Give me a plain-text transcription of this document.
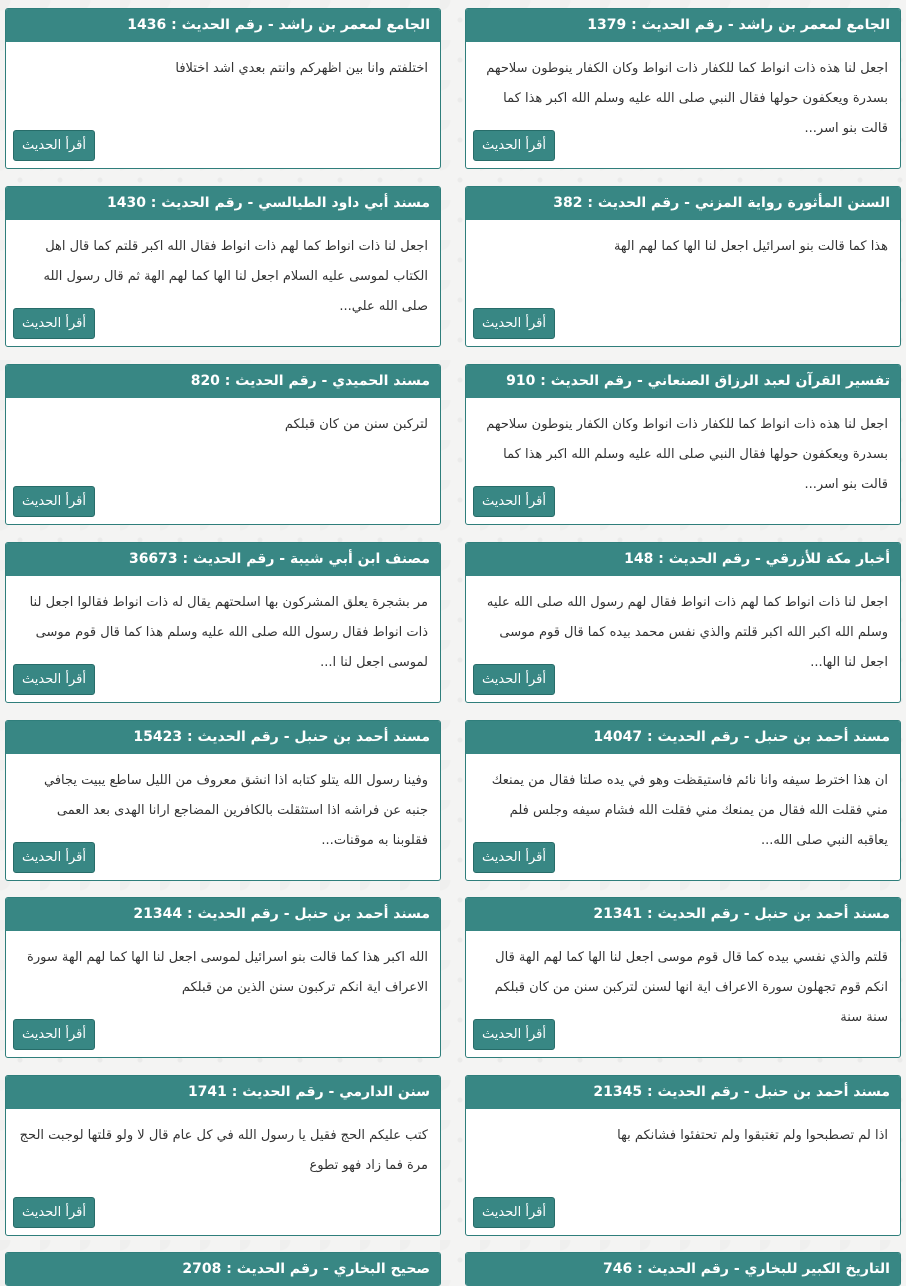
الجامع لمعمر بن راشد - رقم الحديث : 1379
اجعل لنا هذه ذات انواط كما للكفار ذات انواط وكان الكفار ينوطون سلاحهم بسدرة ويعكفون حولها فقال النبي صلى الله عليه وسلم الله اكبر هذا كما قالت بنو اسر...
أقرأ الحديث
الجامع لمعمر بن راشد - رقم الحديث : 1436
اختلفتم وانا بين اظهركم وانتم بعدي اشد اختلافا
أقرأ الحديث
السنن المأثورة رواية المزني - رقم الحديث : 382
هذا كما قالت بنو اسرائيل اجعل لنا الها كما لهم الهة
أقرأ الحديث
مسند أبي داود الطيالسي - رقم الحديث : 1430
اجعل لنا ذات انواط كما لهم ذات انواط فقال الله اكبر قلتم كما قال اهل الكتاب لموسى عليه السلام اجعل لنا الها كما لهم الهة ثم قال رسول الله صلى الله علي...
أقرأ الحديث
تفسير القرآن لعبد الرزاق الصنعاني - رقم الحديث : 910
اجعل لنا هذه ذات انواط كما للكفار ذات انواط وكان الكفار ينوطون سلاحهم بسدرة ويعكفون حولها فقال النبي صلى الله عليه وسلم الله اكبر هذا كما قالت بنو اسر...
أقرأ الحديث
مسند الحميدي - رقم الحديث : 820
لتركبن سنن من كان قبلكم
أقرأ الحديث
أخبار مكة للأزرقي - رقم الحديث : 148
اجعل لنا ذات انواط كما لهم ذات انواط فقال لهم رسول الله صلى الله عليه وسلم الله اكبر الله اكبر قلتم والذي نفس محمد بيده كما قال قوم موسى اجعل لنا الها...
أقرأ الحديث
مصنف ابن أبي شيبة - رقم الحديث : 36673
مر بشجرة يعلق المشركون بها اسلحتهم يقال له ذات انواط فقالوا اجعل لنا ذات انواط فقال رسول الله صلى الله عليه وسلم هذا كما قال قوم موسى لموسى اجعل لنا ا...
أقرأ الحديث
مسند أحمد بن حنبل - رقم الحديث : 14047
ان هذا اخترط سيفه وانا نائم فاستيقظت وهو في يده صلتا فقال من يمنعك مني فقلت الله فقال من يمنعك مني فقلت الله فشام سيفه وجلس فلم يعاقبه النبي صلى الله...
أقرأ الحديث
مسند أحمد بن حنبل - رقم الحديث : 15423
وفينا رسول الله يتلو كتابه اذا انشق معروف من الليل ساطع يبيت يجافي جنبه عن فراشه اذا استثقلت بالكافرين المضاجع ارانا الهدى بعد العمى فقلوبنا به موقنات...
أقرأ الحديث
مسند أحمد بن حنبل - رقم الحديث : 21341
قلتم والذي نفسي بيده كما قال قوم موسى اجعل لنا الها كما لهم الهة قال انكم قوم تجهلون سورة الاعراف اية انها لسنن لتركبن سنن من كان قبلكم سنة سنة
أقرأ الحديث
مسند أحمد بن حنبل - رقم الحديث : 21344
الله اكبر هذا كما قالت بنو اسرائيل لموسى اجعل لنا الها كما لهم الهة سورة الاعراف اية انكم تركبون سنن الذين من قبلكم
أقرأ الحديث
مسند أحمد بن حنبل - رقم الحديث : 21345
اذا لم تصطبحوا ولم تغتبقوا ولم تحتفئوا فشانكم بها
أقرأ الحديث
سنن الدارمي - رقم الحديث : 1741
كتب عليكم الحج فقيل يا رسول الله في كل عام قال لا ولو قلتها لوجبت الحج مرة فما زاد فهو تطوع
أقرأ الحديث
التاريخ الكبير للبخاري - رقم الحديث : 746
صحيح البخاري - رقم الحديث : 2708
